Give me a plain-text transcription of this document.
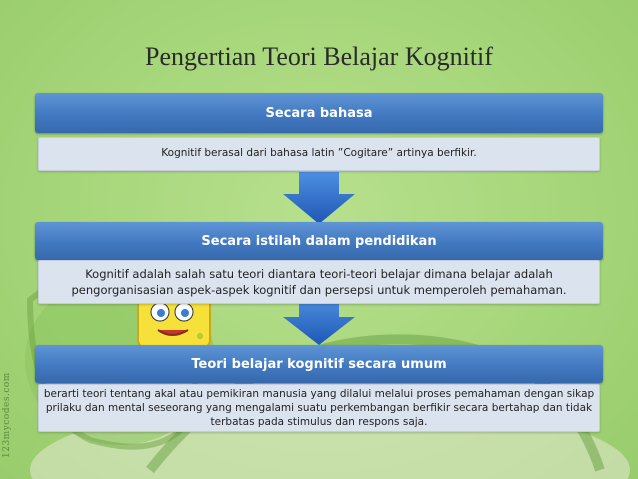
123mycodes.com
Pengertian Teori Belajar Kognitif
Secara bahasa
Kognitif berasal dari bahasa latin ”Cogitare” artinya berfikir.
Secara istilah dalam pendidikan
Kognitif adalah salah satu teori diantara teori-teori belajar dimana belajar adalah pengorganisasian aspek-aspek kognitif dan persepsi untuk memperoleh pemahaman.
Teori belajar kognitif secara umum
berarti teori tentang akal atau pemikiran manusia yang dilalui melalui proses pemahaman dengan sikap prilaku dan mental seseorang yang mengalami suatu perkembangan berfikir secara bertahap dan tidak terbatas pada stimulus dan respons saja.
